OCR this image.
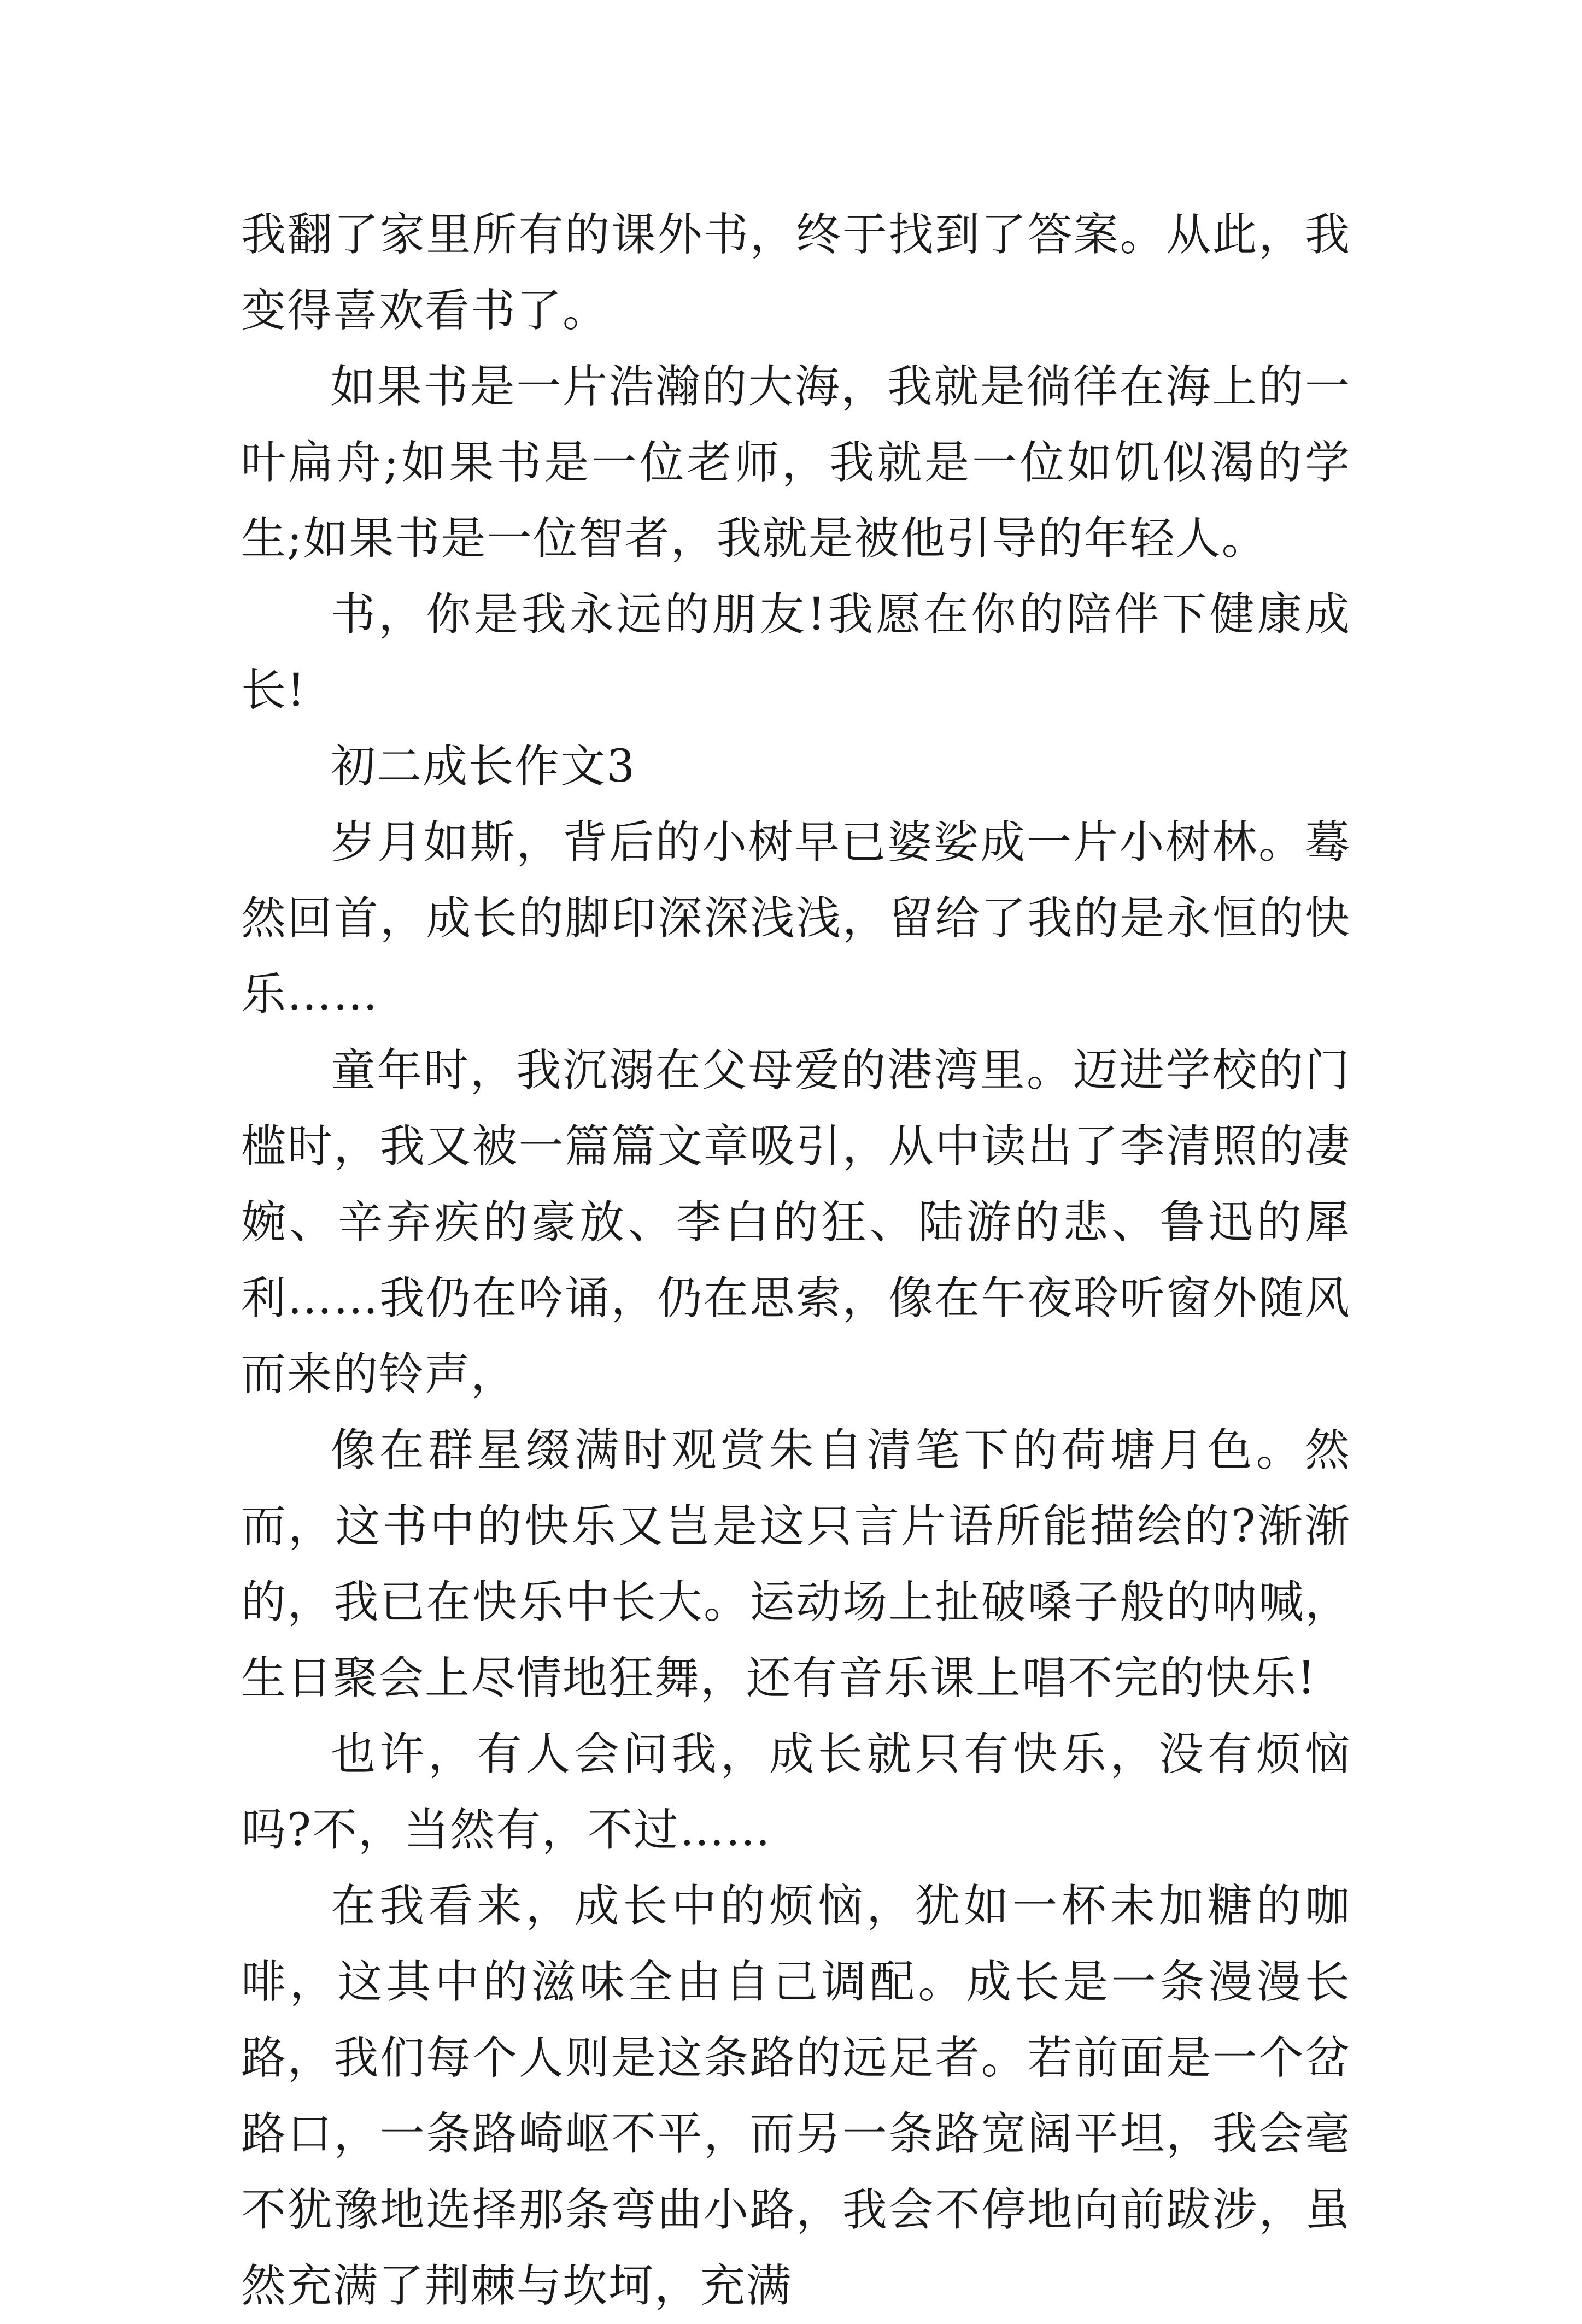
我翻了家里所有的课外书，终于找到了答案。从此，我变得喜欢看书了。

如果书是一片浩瀚的大海，我就是徜徉在海上的一叶扁舟;如果书是一位老师，我就是一位如饥似渴的学生;如果书是一位智者，我就是被他引导的年轻人。

书，你是我永远的朋友!我愿在你的陪伴下健康成长!

初二成长作文3

岁月如斯，背后的小树早已婆娑成一片小树林。蓦然回首，成长的脚印深深浅浅，留给了我的是永恒的快乐……

童年时，我沉溺在父母爱的港湾里。迈进学校的门槛时，我又被一篇篇文章吸引，从中读出了李清照的凄婉、辛弃疾的豪放、李白的狂、陆游的悲、鲁迅的犀利……我仍在吟诵，仍在思索，像在午夜聆听窗外随风而来的铃声，

像在群星缀满时观赏朱自清笔下的荷塘月色。然而，这书中的快乐又岂是这只言片语所能描绘的?渐渐的，我已在快乐中长大。运动场上扯破嗓子般的呐喊，生日聚会上尽情地狂舞，还有音乐课上唱不完的快乐!

也许，有人会问我，成长就只有快乐，没有烦恼吗?不，当然有，不过……

在我看来，成长中的烦恼，犹如一杯未加糖的咖啡，这其中的滋味全由自己调配。成长是一条漫漫长路，我们每个人则是这条路的远足者。若前面是一个岔路口，一条路崎岖不平，而另一条路宽阔平坦，我会毫不犹豫地选择那条弯曲小路，我会不停地向前跋涉，虽然充满了荆棘与坎坷，充满
